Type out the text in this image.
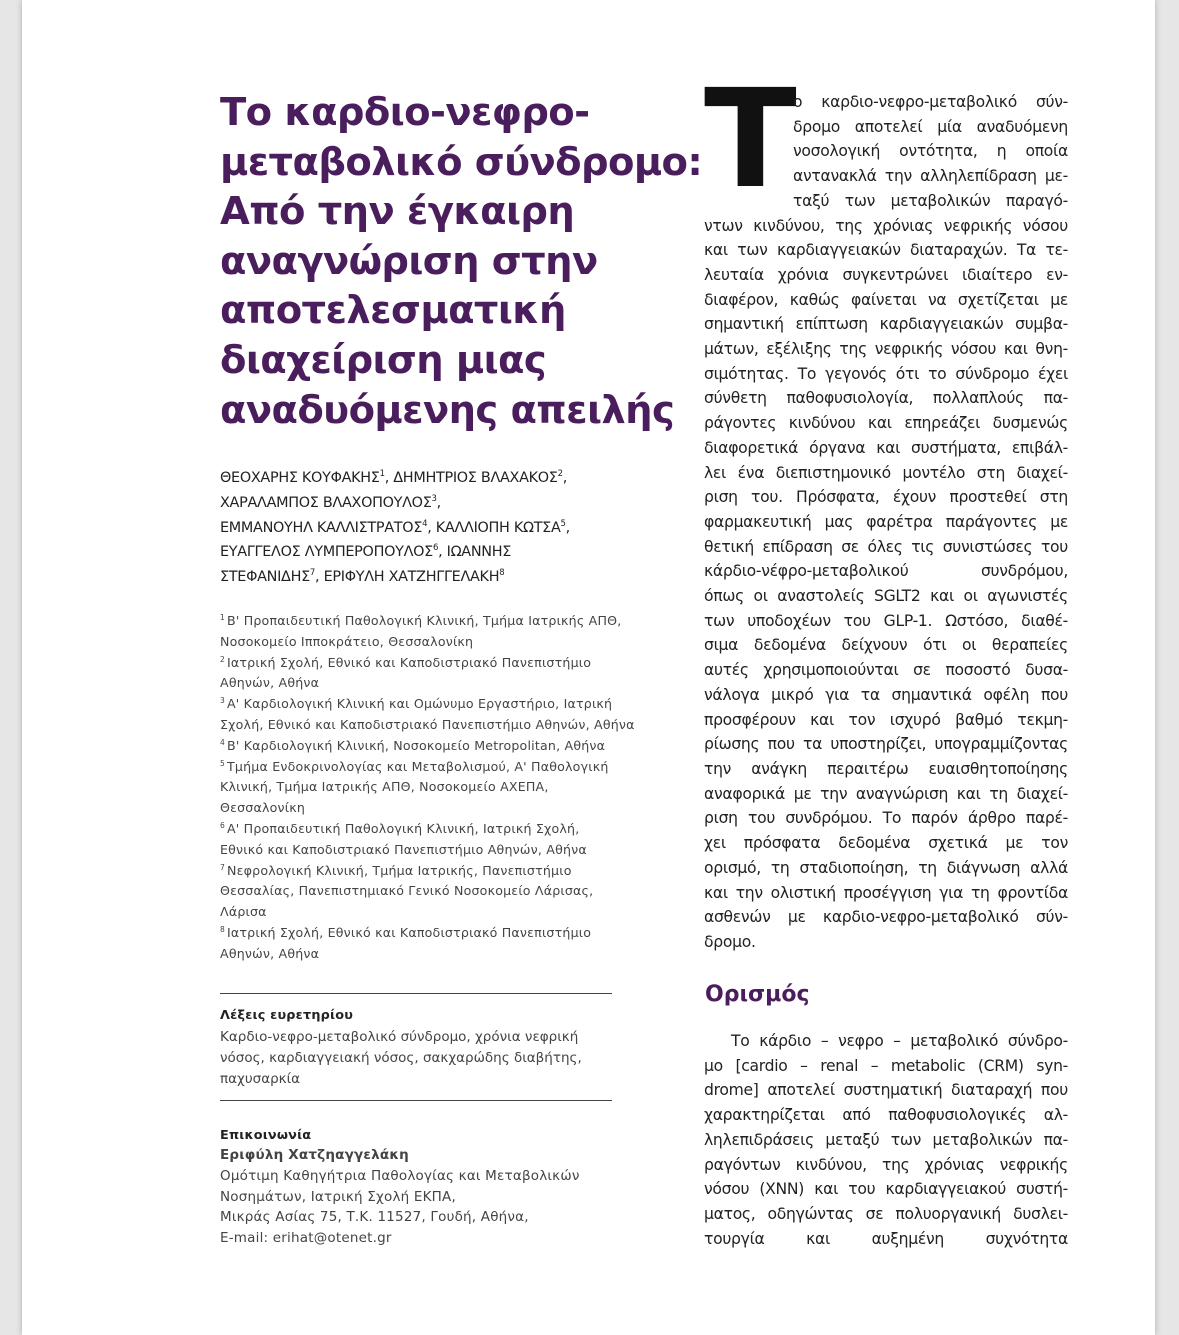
Το καρδιο-νεφρο-
μεταβολικό σύνδρομο:
Από την έγκαιρη
αναγνώριση στην
αποτελεσματική
διαχείριση μιας
αναδυόμενης απειλής
ΘΕΟΧΑΡΗΣ ΚΟΥΦΑΚΗΣ$^1$, ΔΗΜΗΤΡΙΟΣ ΒΛΑΧΑΚΟΣ$^2$,
ΧΑΡΑΛΑΜΠΟΣ ΒΛΑΧΟΠΟΥΛΟΣ$^3$,
ΕΜΜΑΝΟΥΗΛ ΚΑΛΛΙΣΤΡΑΤΟΣ$^4$, ΚΑΛΛΙΟΠΗ ΚΩΤΣΑ$^5$,
ΕΥΑΓΓΕΛΟΣ ΛΥΜΠΕΡΟΠΟΥΛΟΣ$^6$, ΙΩΑΝΝΗΣ
ΣΤΕΦΑΝΙΔΗΣ$^7$, ΕΡΙΦΥΛΗ ΧΑΤΖΗΓΓΕΛΑΚΗ$^8$
$^1$ Β' Προπαιδευτική Παθολογική Κλινική, Τμήμα Ιατρικής ΑΠΘ,
Νοσοκομείο Ιπποκράτειο, Θεσσαλονίκη
$^2$ Ιατρική Σχολή, Εθνικό και Καποδιστριακό Πανεπιστήμιο
Αθηνών, Αθήνα
$^3$ Α' Καρδιολογική Κλινική και Ομώνυμο Εργαστήριο, Ιατρική
Σχολή, Εθνικό και Καποδιστριακό Πανεπιστήμιο Αθηνών, Αθήνα
$^4$ Β' Καρδιολογική Κλινική, Νοσοκομείο Metropolitan, Αθήνα
$^5$ Τμήμα Ενδοκρινολογίας και Μεταβολισμού, Α' Παθολογική
Κλινική, Τμήμα Ιατρικής ΑΠΘ, Νοσοκομείο ΑΧΕΠΑ,
Θεσσαλονίκη
$^6$ Α' Προπαιδευτική Παθολογική Κλινική, Ιατρική Σχολή,
Εθνικό και Καποδιστριακό Πανεπιστήμιο Αθηνών, Αθήνα
$^7$ Νεφρολογική Κλινική, Τμήμα Ιατρικής, Πανεπιστήμιο
Θεσσαλίας, Πανεπιστημιακό Γενικό Νοσοκομείο Λάρισας,
Λάρισα
$^8$ Ιατρική Σχολή, Εθνικό και Καποδιστριακό Πανεπιστήμιο
Αθηνών, Αθήνα
Λέξεις ευρετηρίου
Καρδιο-νεφρο-μεταβολικό σύνδρομο, χρόνια νεφρική
νόσος, καρδιαγγειακή νόσος, σακχαρώδης διαβήτης,
παχυσαρκία
Επικοινωνία
Εριφύλη Χατζηαγγελάκη
Ομότιμη Καθηγήτρια Παθολογίας και Μεταβολικών
Νοσημάτων, Ιατρική Σχολή ΕΚΠΑ,
Μικράς Ασίας 75, Τ.Κ. 11527, Γουδή, Αθήνα,
E-mail: erihat@otenet.gr
Τ
ο καρδιο-νεφρο-μεταβολικό σύν-
δρομο αποτελεί μία αναδυόμενη
νοσολογική οντότητα, η οποία
αντανακλά την αλληλεπίδραση με-
ταξύ των μεταβολικών παραγό-
ντων κινδύνου, της χρόνιας νεφρικής νόσου
και των καρδιαγγειακών διαταραχών. Τα τε-
λευταία χρόνια συγκεντρώνει ιδιαίτερο εν-
διαφέρον, καθώς φαίνεται να σχετίζεται με
σημαντική επίπτωση καρδιαγγειακών συμβα-
μάτων, εξέλιξης της νεφρικής νόσου και θνη-
σιμότητας. Το γεγονός ότι το σύνδρομο έχει
σύνθετη παθοφυσιολογία, πολλαπλούς πα-
ράγοντες κινδύνου και επηρεάζει δυσμενώς
διαφορετικά όργανα και συστήματα, επιβάλ-
λει ένα διεπιστημονικό μοντέλο στη διαχεί-
ριση του. Πρόσφατα, έχουν προστεθεί στη
φαρμακευτική μας φαρέτρα παράγοντες με
θετική επίδραση σε όλες τις συνιστώσες του
κάρδιο-νέφρο-μεταβολικού συνδρόμου,
όπως οι αναστολείς SGLT2 και οι αγωνιστές
των υποδοχέων του GLP-1. Ωστόσο, διαθέ-
σιμα δεδομένα δείχνουν ότι οι θεραπείες
αυτές χρησιμοποιούνται σε ποσοστό δυσα-
νάλογα μικρό για τα σημαντικά οφέλη που
προσφέρουν και τον ισχυρό βαθμό τεκμη-
ρίωσης που τα υποστηρίζει, υπογραμμίζοντας
την ανάγκη περαιτέρω ευαισθητοποίησης
αναφορικά με την αναγνώριση και τη διαχεί-
ριση του συνδρόμου. Το παρόν άρθρο παρέ-
χει πρόσφατα δεδομένα σχετικά με τον
ορισμό, τη σταδιοποίηση, τη διάγνωση αλλά
και την ολιστική προσέγγιση για τη φροντίδα
ασθενών με καρδιο-νεφρο-μεταβολικό σύν-
δρομο.
Ορισμός
Το κάρδιο – νεφρο – μεταβολικό σύνδρο-
μο [cardio – renal – metabolic (CRM) syn-
drome] αποτελεί συστηματική διαταραχή που
χαρακτηρίζεται από παθοφυσιολογικές αλ-
ληλεπιδράσεις μεταξύ των μεταβολικών πα-
ραγόντων κινδύνου, της χρόνιας νεφρικής
νόσου (ΧΝΝ) και του καρδιαγγειακού συστή-
ματος, οδηγώντας σε πολυοργανική δυσλει-
τουργία και αυξημένη συχνότητα
